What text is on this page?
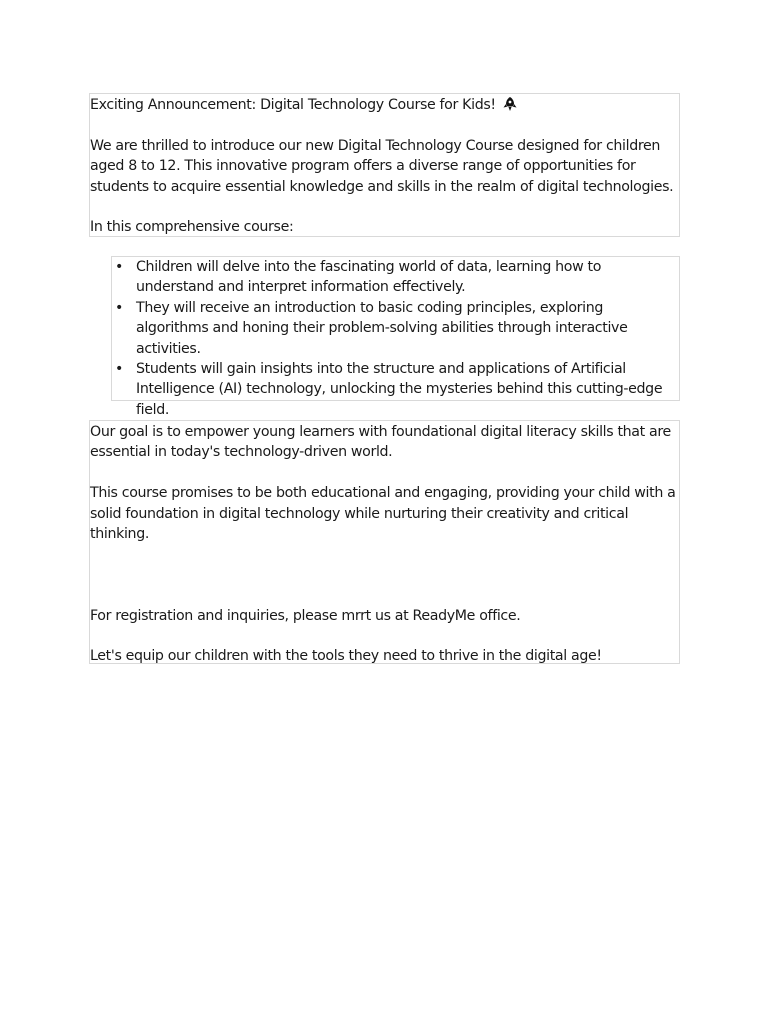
Exciting Announcement: Digital Technology Course for Kids!

We are thrilled to introduce our new Digital Technology Course designed for children aged 8 to 12. This innovative program offers a diverse range of opportunities for students to acquire essential knowledge and skills in the realm of digital technologies.

In this comprehensive course:

• Children will delve into the fascinating world of data, learning how to understand and interpret information effectively.
• They will receive an introduction to basic coding principles, exploring algorithms and honing their problem-solving abilities through interactive activities.
• Students will gain insights into the structure and applications of Artificial Intelligence (AI) technology, unlocking the mysteries behind this cutting-edge field.

Our goal is to empower young learners with foundational digital literacy skills that are essential in today's technology-driven world.

This course promises to be both educational and engaging, providing your child with a solid foundation in digital technology while nurturing their creativity and critical thinking.

For registration and inquiries, please mrrt us at ReadyMe office.

Let's equip our children with the tools they need to thrive in the digital age!
